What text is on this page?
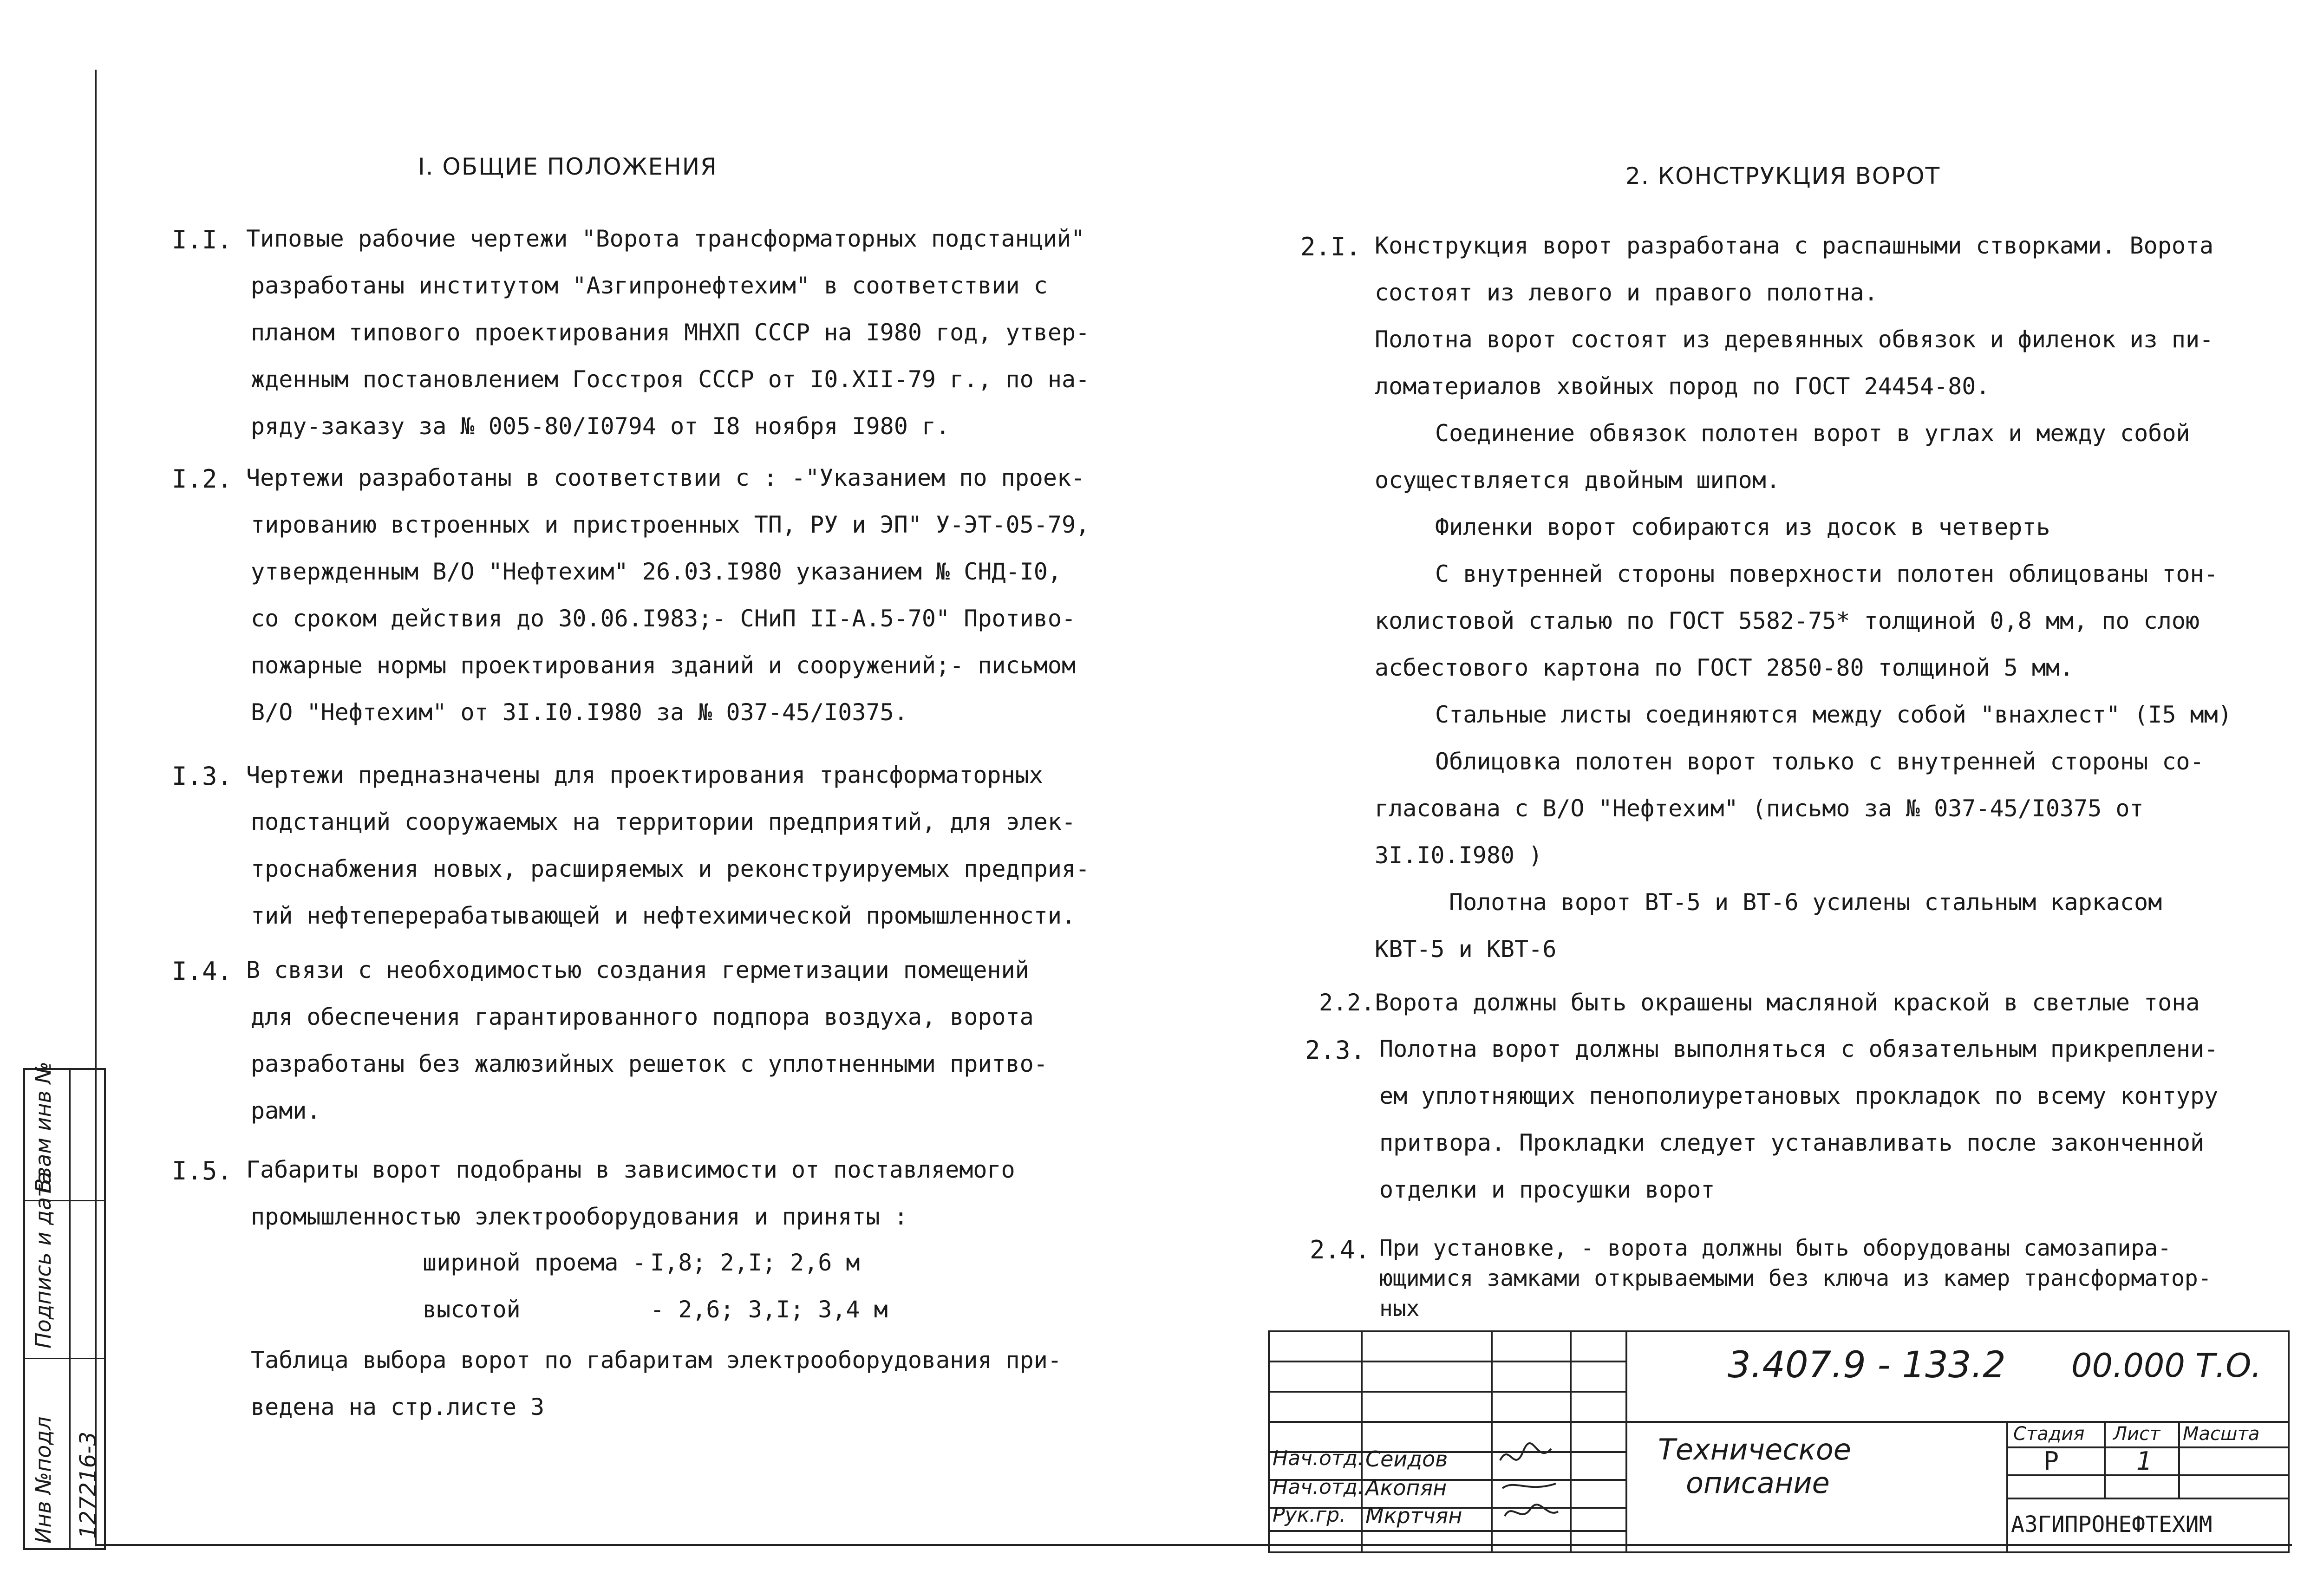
Инв №подл
Подпись и дата
Взам инв №
127216-3
I. ОБЩИЕ ПОЛОЖЕНИЯ
I.I. Типовые рабочие чертежи "Ворота трансформаторных подстанций"
разработаны институтом "Азгипронефтехим" в соответствии с
планом типового проектирования МНХП СССР на I980 год, утвер-
жденным постановлением Госстроя СССР от I0.XII-79 г., по на-
ряду-заказу за № 005-80/I0794 от I8 ноября I980 г.
I.2. Чертежи разработаны в соответствии с : -"Указанием по проек-
тированию встроенных и пристроенных ТП, РУ и ЭП" У-ЭТ-05-79,
утвержденным В/О "Нефтехим" 26.03.I980 указанием № СНД-I0,
со сроком действия до 30.06.I983;- СНиП II-А.5-70" Противо-
пожарные нормы проектирования зданий и сооружений;- письмом
В/О "Нефтехим" от 3I.I0.I980 за № 037-45/I0375.
I.3. Чертежи предназначены для проектирования трансформаторных
подстанций сооружаемых на территории предприятий, для элек-
троснабжения новых, расширяемых и реконструируемых предприя-
тий нефтеперерабатывающей и нефтехимической промышленности.
I.4. В связи с необходимостью создания герметизации помещений
для обеспечения гарантированного подпора воздуха, ворота
разработаны без жалюзийных решеток с уплотненными притво-
рами.
I.5. Габариты ворот подобраны в зависимости от поставляемого
промышленностью электрооборудования и приняты :
шириной проема - I,8; 2,I; 2,6 м
высотой	- 2,6; 3,I; 3,4 м
Таблица выбора ворот по габаритам электрооборудования при-
ведена на стр.листе 3
2. КОНСТРУКЦИЯ ВОРОТ
2.I. Конструкция ворот разработана с распашными створками. Ворота
состоят из левого и правого полотна.
Полотна ворот состоят из деревянных обвязок и филенок из пи-
ломатериалов хвойных пород по ГОСТ 24454-80.
Соединение обвязок полотен ворот в углах и между собой
осуществляется двойным шипом.
Филенки ворот собираются из досок в четверть
С внутренней стороны поверхности полотен облицованы тон-
колистовой сталью по ГОСТ 5582-75* толщиной 0,8 мм, по слою
асбестового картона по ГОСТ 2850-80 толщиной 5 мм.
Стальные листы соединяются между собой "внахлест" (I5 мм)
Облицовка полотен ворот только с внутренней стороны со-
гласована с В/О "Нефтехим" (письмо за № 037-45/I0375 от
3I.I0.I980 )
Полотна ворот ВТ-5 и ВТ-6 усилены стальным каркасом
КВТ-5 и КВТ-6
2.2.Ворота должны быть окрашены масляной краской в светлые тона
2.3. Полотна ворот должны выполняться с обязательным прикреплени-
ем уплотняющих пенополиуретановых прокладок по всему контуру
притвора. Прокладки следует устанавливать после законченной
отделки и просушки ворот
2.4. При установке, - ворота должны быть оборудованы самозапира-
ющимися замками открываемыми без ключа из камер трансформатор-
ных
3.407.9 - 133.2 00.000 Т.О.
Техническое
описание
Стадия Лист Масшта
Р	1
АЗГИПРОНЕФТЕХИМ
Нач.отд. Сеидов
Нач.отд. Акопян
Рук.гр. Мкртчян
